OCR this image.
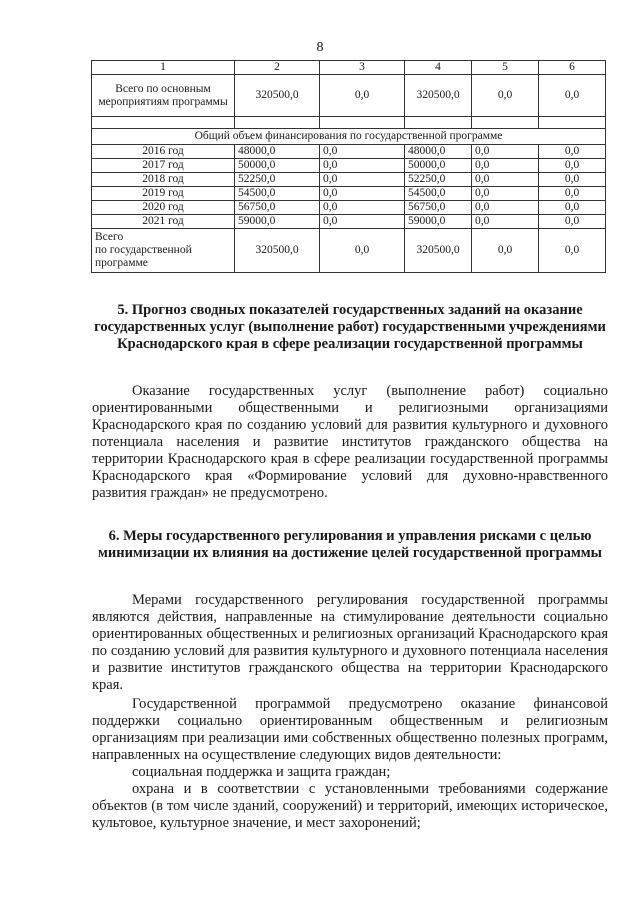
8
1	2	3	4	5	6
Всего по основным мероприятиям программы	320500,0	0,0	320500,0	0,0	0,0

Общий объем финансирования по государственной программе					
2016 год	48000,0	0,0	48000,0	0,0	0,0
2017 год	50000,0	0,0	50000,0	0,0	0,0
2018 год	52250,0	0,0	52250,0	0,0	0,0
2019 год	54500,0	0,0	54500,0	0,0	0,0
2020 год	56750,0	0,0	56750,0	0,0	0,0
2021 год	59000,0	0,0	59000,0	0,0	0,0

Всего
по государственной
программе	320500,0	0,0	320500,0	0,0	0,0
5. Прогноз сводных показателей государственных заданий на оказание государственных услуг (выполнение работ) государственными учреждениями Краснодарского края в сфере реализации государственной программы

Оказание государственных услуг (выполнение работ) социально ориентированными общественными и религиозными организациями Краснодарского края по созданию условий для развития культурного и духовного потенциала населения и развитие институтов гражданского общества на территории Краснодарского края в сфере реализации государственной программы Краснодарского края «Формирование условий для духовно-нравственного развития граждан» не предусмотрено.

6. Меры государственного регулирования и управления рисками с целью минимизации их влияния на достижение целей государственной программы

Мерами государственного регулирования государственной программы являются действия, направленные на стимулирование деятельности социально ориентированных общественных и религиозных организаций Краснодарского края по созданию условий для развития культурного и духовного потенциала населения и развитие институтов гражданского общества на территории Краснодарского края.

Государственной программой предусмотрено оказание финансовой поддержки социально ориентированным общественным и религиозным организациям при реализации ими собственных общественно полезных программ, направленных на осуществление следующих видов деятельности:

социальная поддержка и защита граждан;

охрана и в соответствии с установленными требованиями содержание объектов (в том числе зданий, сооружений) и территорий, имеющих историческое, культовое, культурное значение, и мест захоронений;
